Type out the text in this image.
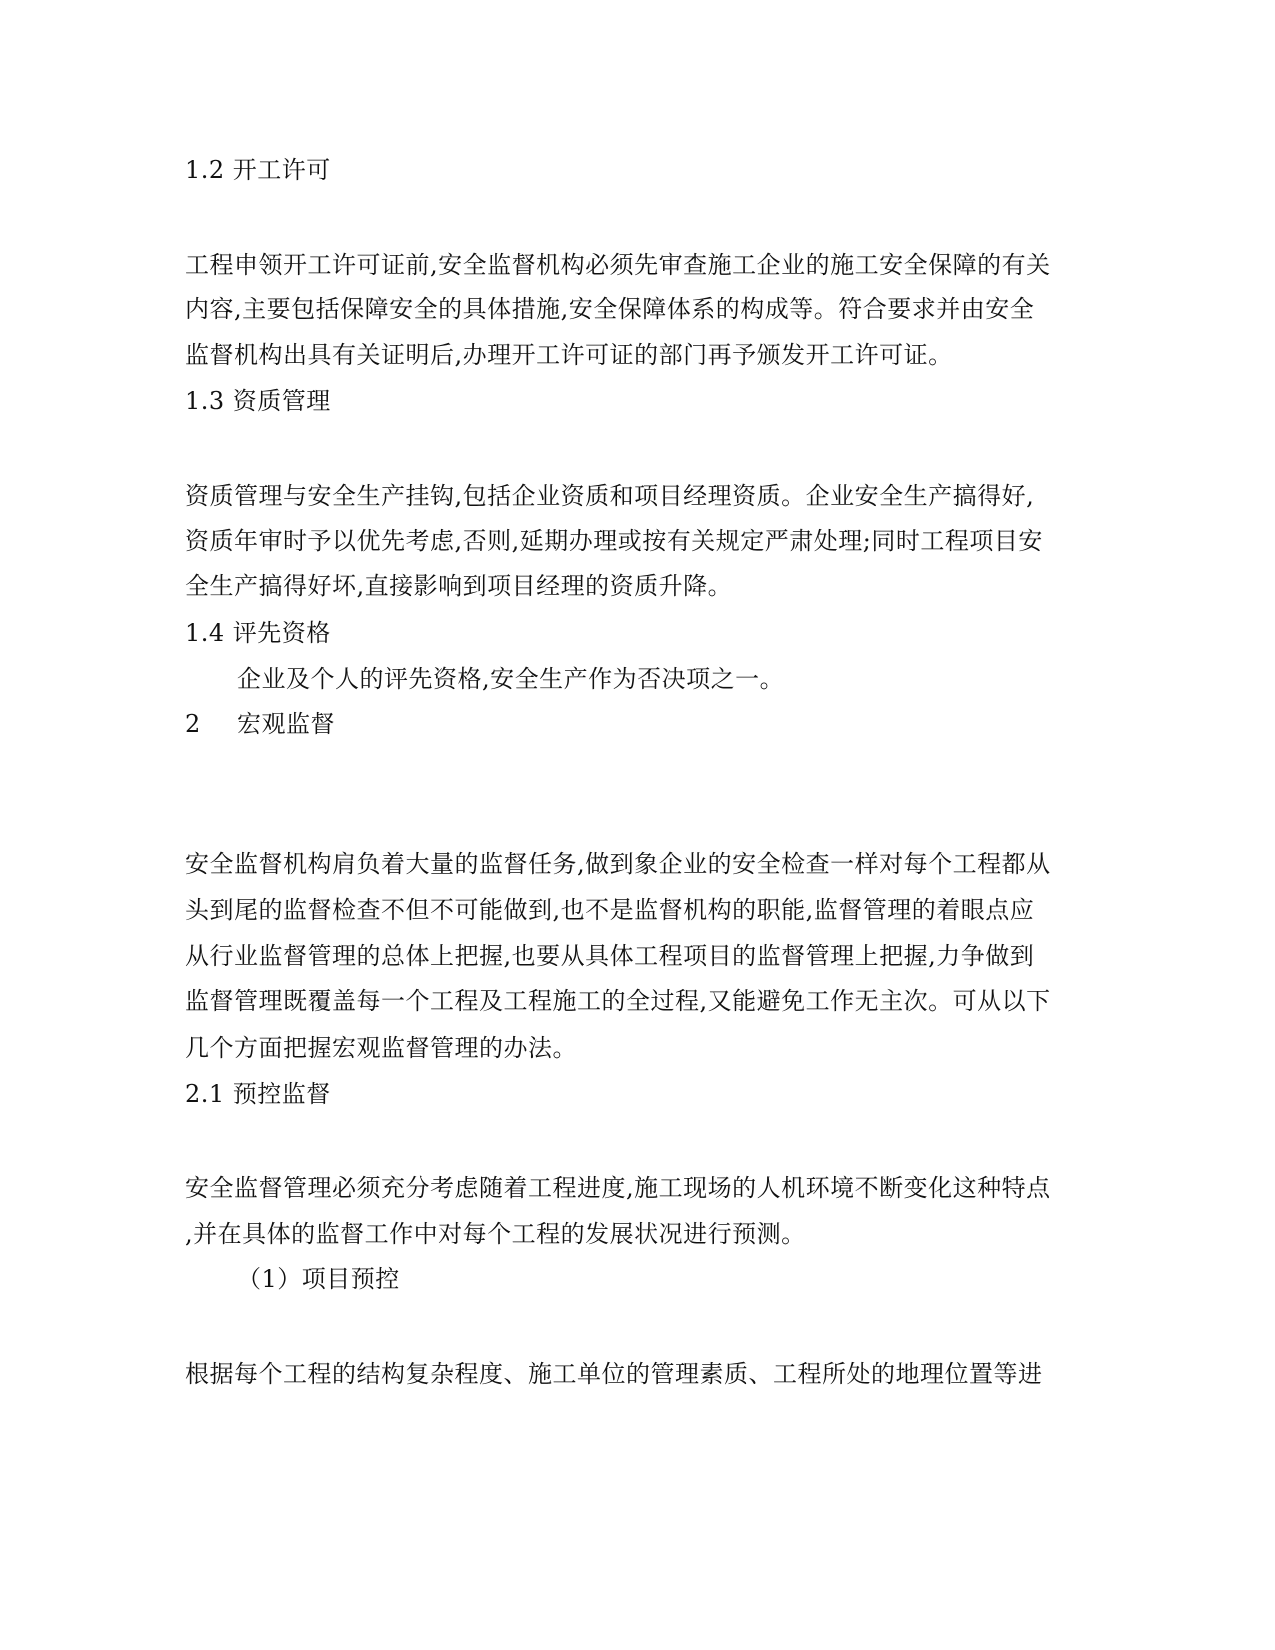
1.2 开工许可
工程申领开工许可证前,安全监督机构必须先审查施工企业的施工安全保障的有关
内容,主要包括保障安全的具体措施,安全保障体系的构成等。符合要求并由安全
监督机构出具有关证明后,办理开工许可证的部门再予颁发开工许可证。
1.3 资质管理
资质管理与安全生产挂钩,包括企业资质和项目经理资质。企业安全生产搞得好,
资质年审时予以优先考虑,否则,延期办理或按有关规定严肃处理;同时工程项目安
全生产搞得好坏,直接影响到项目经理的资质升降。
1.4 评先资格
企业及个人的评先资格,安全生产作为否决项之一。
2 宏观监督
安全监督机构肩负着大量的监督任务,做到象企业的安全检查一样对每个工程都从
头到尾的监督检查不但不可能做到,也不是监督机构的职能,监督管理的着眼点应
从行业监督管理的总体上把握,也要从具体工程项目的监督管理上把握,力争做到
监督管理既覆盖每一个工程及工程施工的全过程,又能避免工作无主次。可从以下
几个方面把握宏观监督管理的办法。
2.1 预控监督
安全监督管理必须充分考虑随着工程进度,施工现场的人机环境不断变化这种特点
,并在具体的监督工作中对每个工程的发展状况进行预测。
（1）项目预控
根据每个工程的结构复杂程度、施工单位的管理素质、工程所处的地理位置等进
